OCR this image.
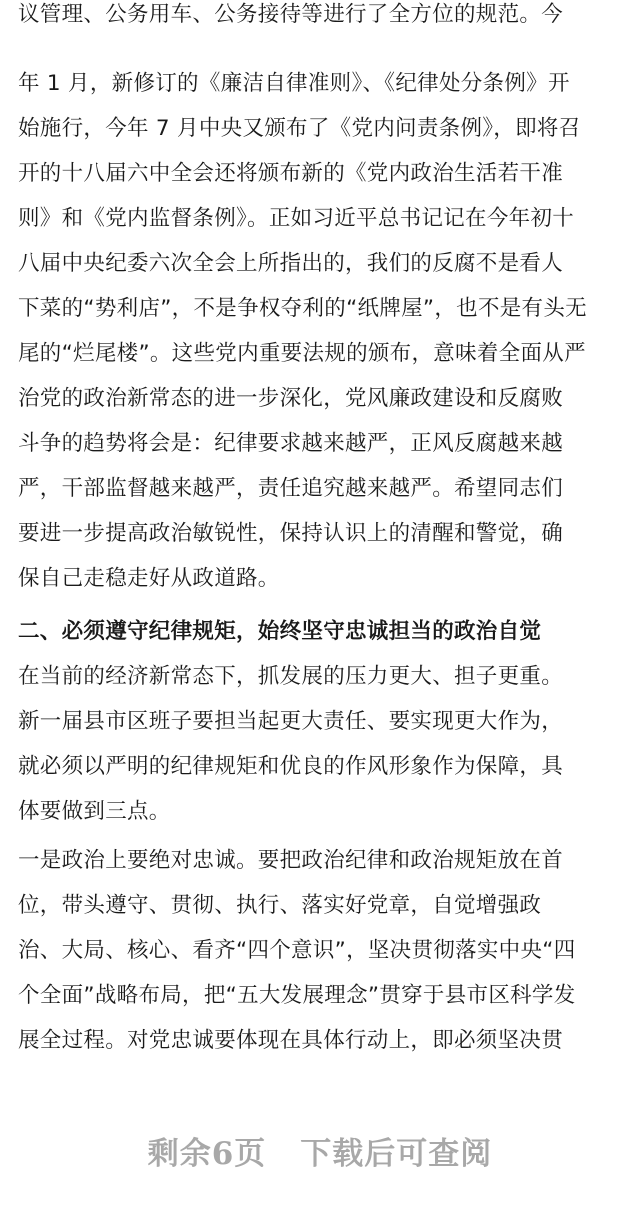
议管理、公务用车、公务接待等进行了全方位的规范。今
年 1 月，新修订的《廉洁自律准则》、《纪律处分条例》开
始施行，今年 7 月中央又颁布了《党内问责条例》，即将召
开的十八届六中全会还将颁布新的《党内政治生活若干准
则》和《党内监督条例》。正如习近平总书记记在今年初十
八届中央纪委六次全会上所指出的，我们的反腐不是看人
下菜的“势利店”，不是争权夺利的“纸牌屋”，也不是有头无
尾的“烂尾楼”。这些党内重要法规的颁布，意味着全面从严
治党的政治新常态的进一步深化，党风廉政建设和反腐败
斗争的趋势将会是：纪律要求越来越严，正风反腐越来越
严，干部监督越来越严，责任追究越来越严。希望同志们
要进一步提高政治敏锐性，保持认识上的清醒和警觉，确
保自己走稳走好从政道路。
二、必须遵守纪律规矩，始终坚守忠诚担当的政治自觉
在当前的经济新常态下，抓发展的压力更大、担子更重。
新一届县市区班子要担当起更大责任、要实现更大作为，
就必须以严明的纪律规矩和优良的作风形象作为保障，具
体要做到三点。
一是政治上要绝对忠诚。要把政治纪律和政治规矩放在首
位，带头遵守、贯彻、执行、落实好党章，自觉增强政
治、大局、核心、看齐“四个意识”，坚决贯彻落实中央“四
个全面”战略布局，把“五大发展理念”贯穿于县市区科学发
展全过程。对党忠诚要体现在具体行动上，即必须坚决贯
剩余6页 下载后可查阅
